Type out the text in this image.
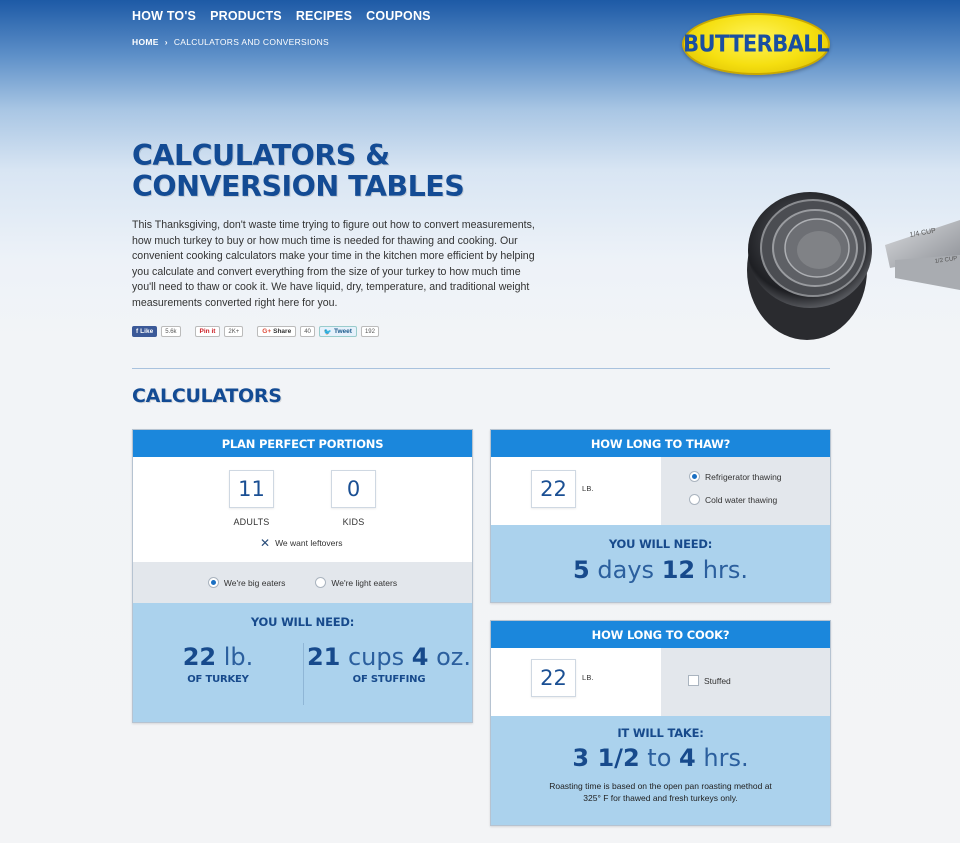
HOW TO'S PRODUCTS RECIPES COUPONS
HOME › CALCULATORS AND CONVERSIONS	BUTTERBALL
CALCULATORS &
CONVERSION TABLES

This Thanksgiving, don't waste time trying to figure out how to convert measurements, how much turkey to buy or how much time is needed for thawing and cooking. Our convenient cooking calculators make your time in the kitchen more efficient by helping you calculate and convert everything from the size of your turkey to how much time you'll need to thaw or cook it. We have liquid, dry, temperature, and traditional weight measurements converted right here for you.

f Like	5.6k	Pin it	2K+	G+ Share	40	🐦 Tweet	192
1/4 CUP
1/2 CUP
CALCULATORS
PLAN PERFECT PORTIONS
11
ADULTS
0
KIDS
✕ We want leftovers
We're big eaters	We're light eaters
YOU WILL NEED:
22 lb.
OF TURKEY
21 cups 4 oz.
OF STUFFING
HOW LONG TO THAW?
22	LB.
Refrigerator thawing
Cold water thawing
YOU WILL NEED:
5 days 12 hrs.
HOW LONG TO COOK?
22	LB.	Stuffed
IT WILL TAKE:
3 1/2 to 4 hrs.
Roasting time is based on the open pan roasting method at 325° F for thawed and fresh turkeys only.
